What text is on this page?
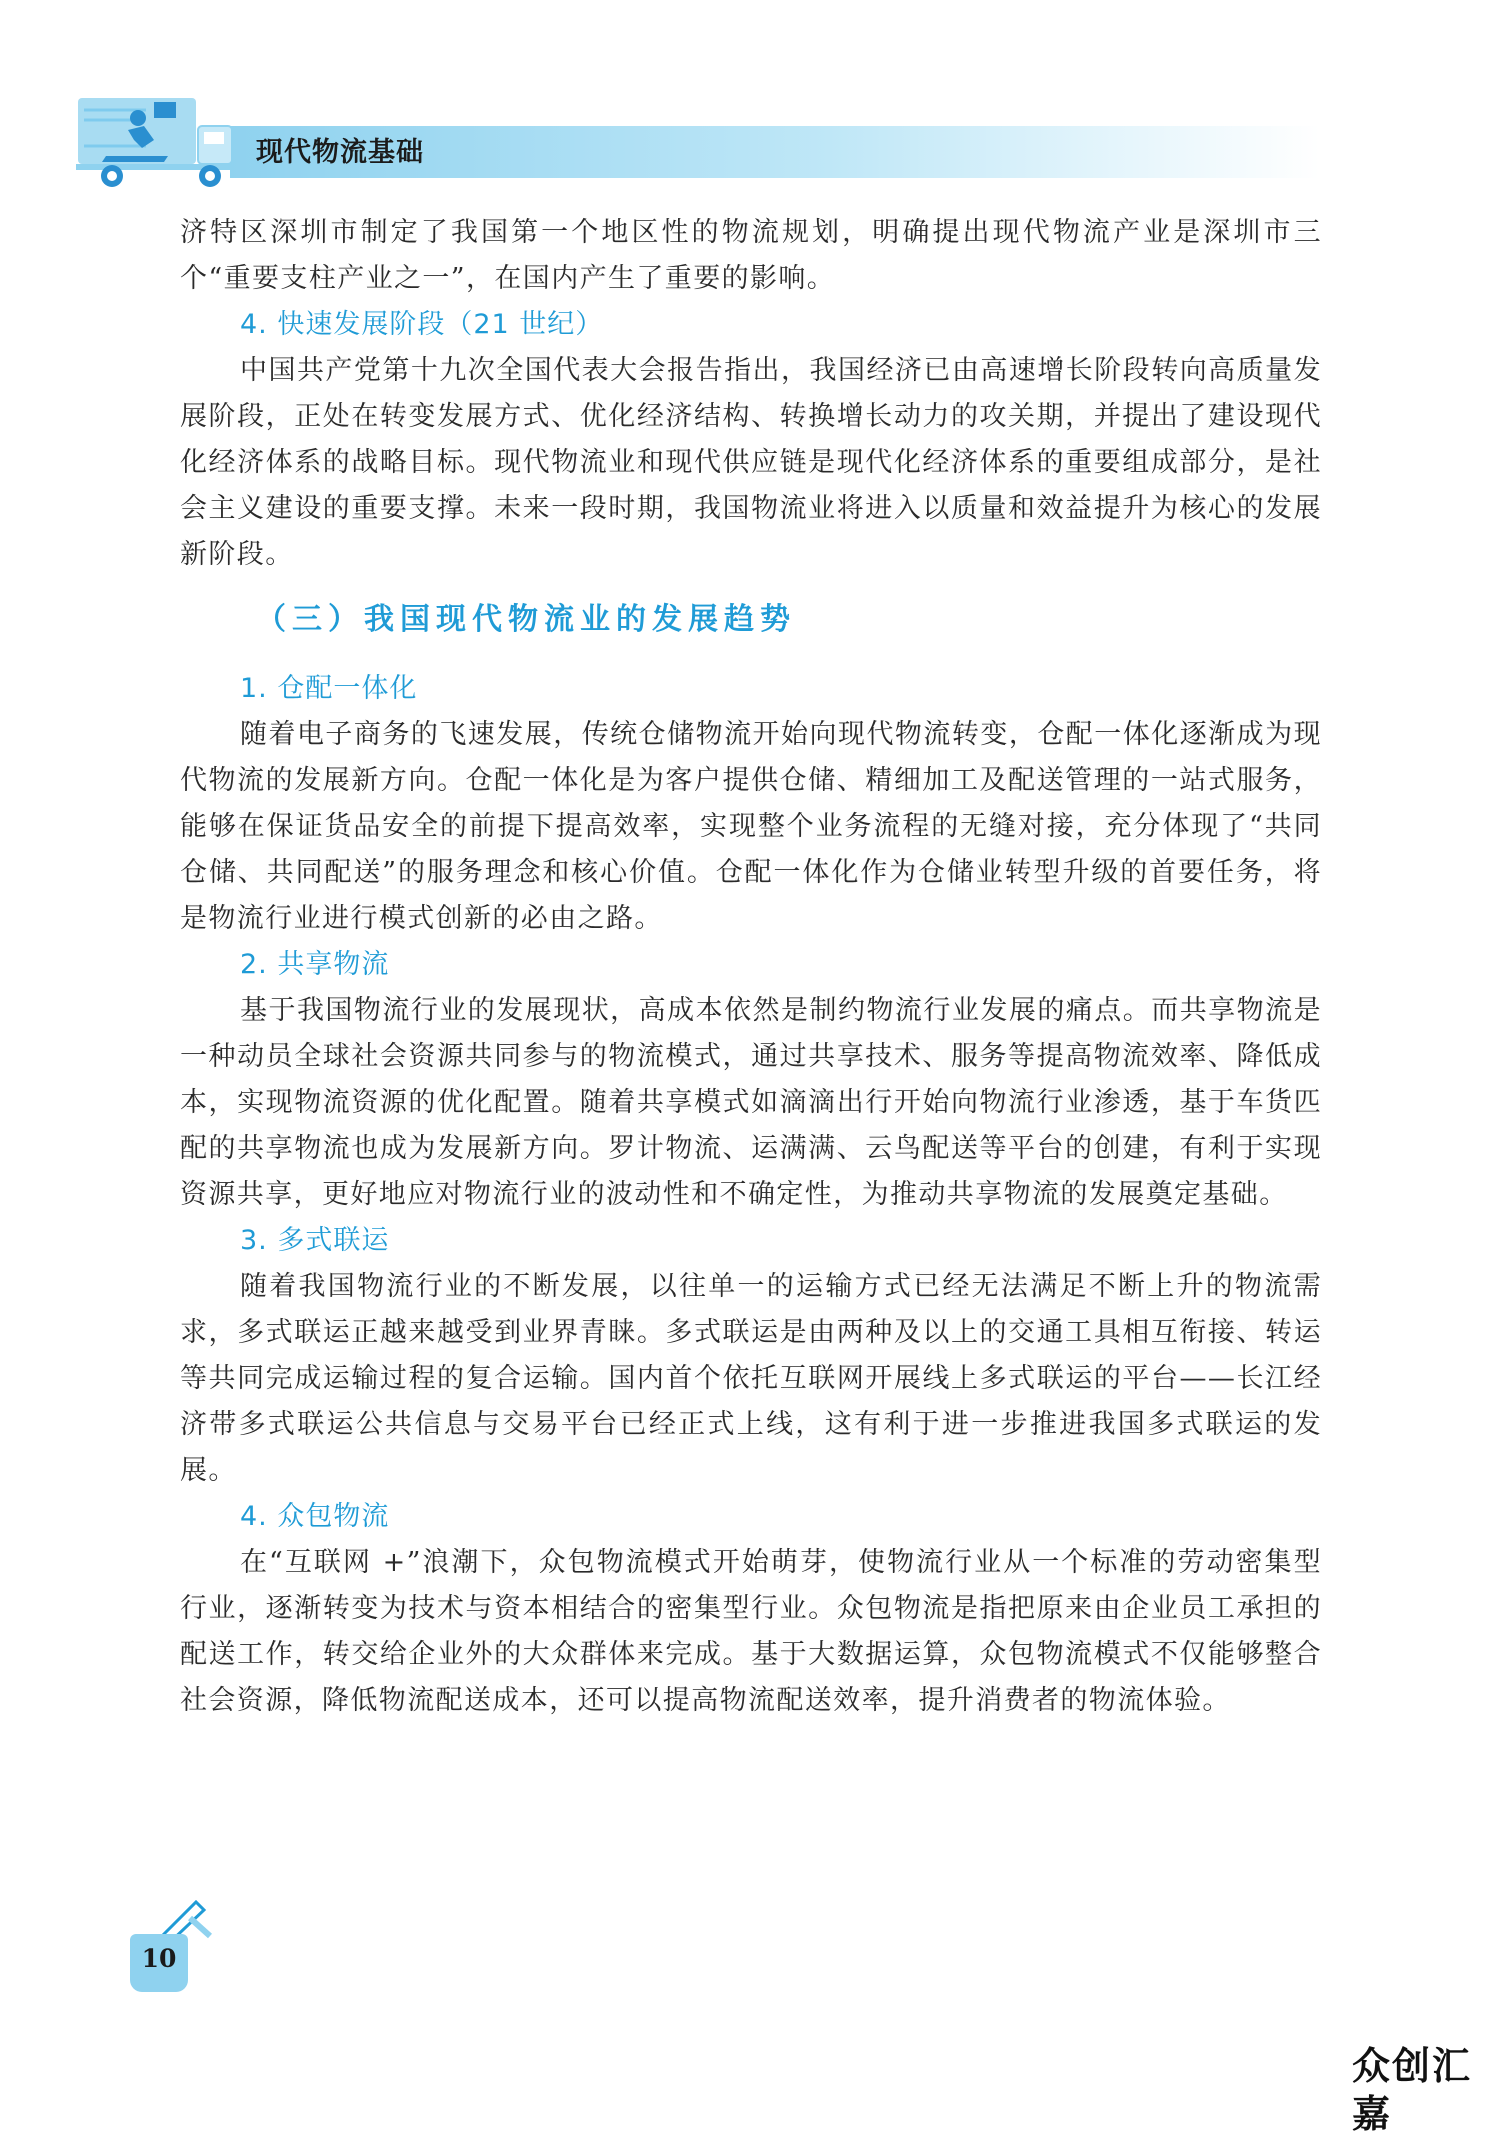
现代物流基础

济特区深圳市制定了我国第一个地区性的物流规划，明确提出现代物流产业是深圳市三个“重要支柱产业之一”，在国内产生了重要的影响。

4. 快速发展阶段（21 世纪）

中国共产党第十九次全国代表大会报告指出，我国经济已由高速增长阶段转向高质量发展阶段，正处在转变发展方式、优化经济结构、转换增长动力的攻关期，并提出了建设现代化经济体系的战略目标。现代物流业和现代供应链是现代化经济体系的重要组成部分，是社会主义建设的重要支撑。未来一段时期，我国物流业将进入以质量和效益提升为核心的发展新阶段。

（三）我国现代物流业的发展趋势

1. 仓配一体化

随着电子商务的飞速发展，传统仓储物流开始向现代物流转变，仓配一体化逐渐成为现代物流的发展新方向。仓配一体化是为客户提供仓储、精细加工及配送管理的一站式服务，能够在保证货品安全的前提下提高效率，实现整个业务流程的无缝对接，充分体现了“共同仓储、共同配送”的服务理念和核心价值。仓配一体化作为仓储业转型升级的首要任务，将是物流行业进行模式创新的必由之路。

2. 共享物流

基于我国物流行业的发展现状，高成本依然是制约物流行业发展的痛点。而共享物流是一种动员全球社会资源共同参与的物流模式，通过共享技术、服务等提高物流效率、降低成本，实现物流资源的优化配置。随着共享模式如滴滴出行开始向物流行业渗透，基于车货匹配的共享物流也成为发展新方向。罗计物流、运满满、云鸟配送等平台的创建，有利于实现资源共享，更好地应对物流行业的波动性和不确定性，为推动共享物流的发展奠定基础。

3. 多式联运

随着我国物流行业的不断发展，以往单一的运输方式已经无法满足不断上升的物流需求，多式联运正越来越受到业界青睐。多式联运是由两种及以上的交通工具相互衔接、转运等共同完成运输过程的复合运输。国内首个依托互联网开展线上多式联运的平台——长江经济带多式联运公共信息与交易平台已经正式上线，这有利于进一步推进我国多式联运的发展。

4. 众包物流

在“互联网 +”浪潮下，众包物流模式开始萌芽，使物流行业从一个标准的劳动密集型行业，逐渐转变为技术与资本相结合的密集型行业。众包物流是指把原来由企业员工承担的配送工作，转交给企业外的大众群体来完成。基于大数据运算，众包物流模式不仅能够整合社会资源，降低物流配送成本，还可以提高物流配送效率，提升消费者的物流体验。

10
众创汇嘉
